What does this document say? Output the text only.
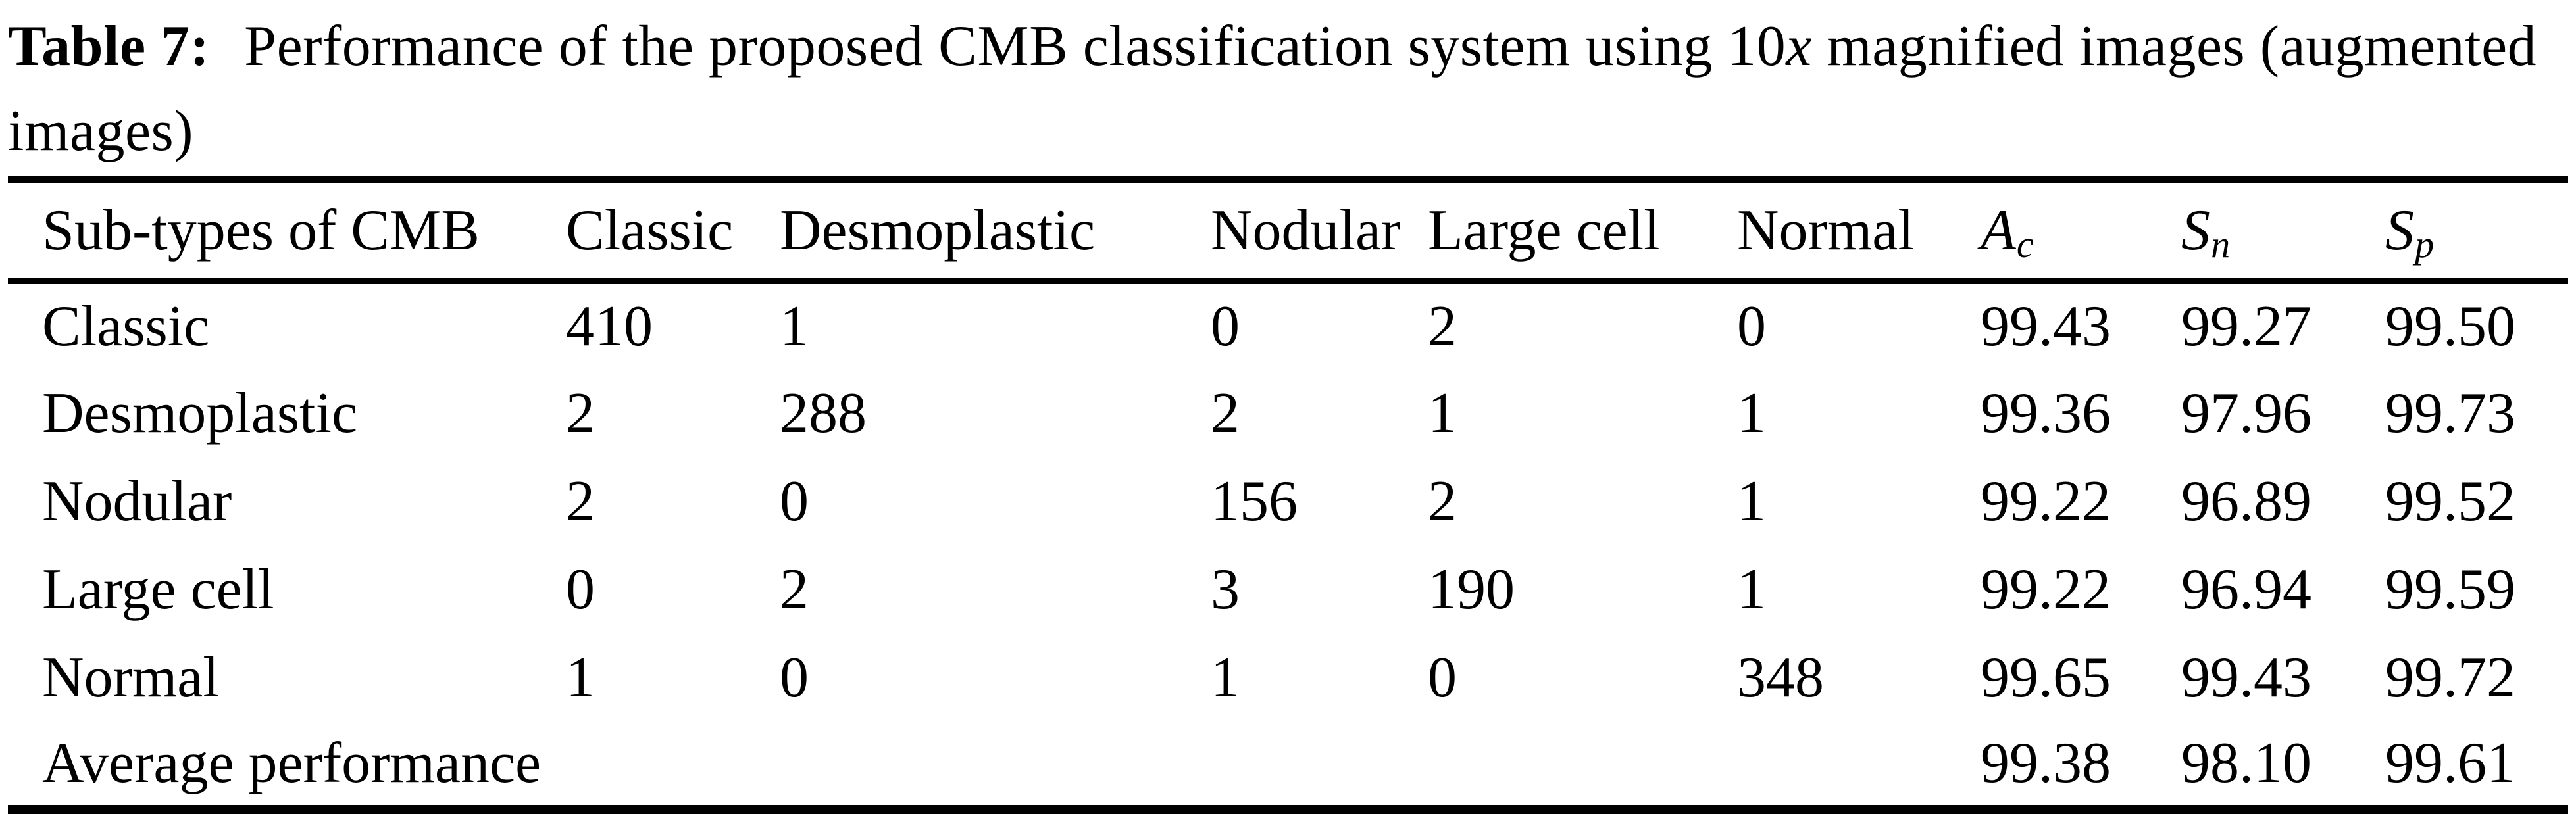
Table 7: Performance of the proposed CMB classification system using 10x magnified images (augmented images)

Sub-types of CMB	Classic	Desmoplastic	Nodular	Large cell	Normal	$A_c$	$S_n$	$S_p$
Classic	410	1	0	2	0	99.43	99.27	99.50
Desmoplastic	2	288	2	1	1	99.36	97.96	99.73
Nodular	2	0	156	2	1	99.22	96.89	99.52
Large cell	0	2	3	190	1	99.22	96.94	99.59
Normal	1	0	1	0	348	99.65	99.43	99.72
Average performance						99.38	98.10	99.61
